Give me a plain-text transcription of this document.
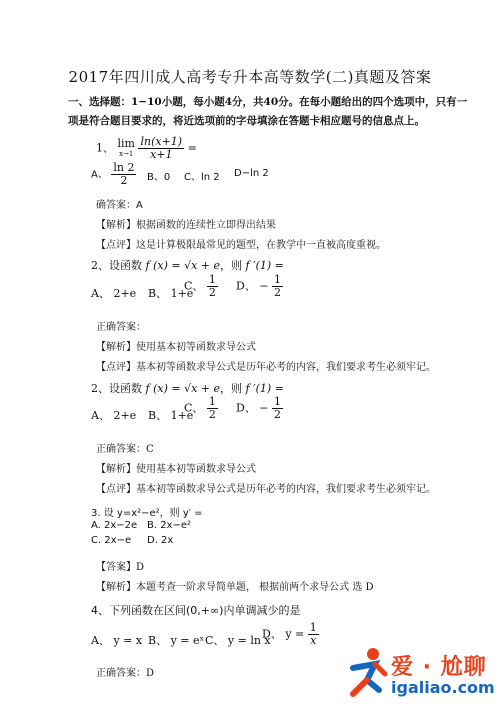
2017年四川成人高考专升本高等数学(二)真题及答案
一、选择题：1−10小题，每小题4分，共40分。在每小题给出的四个选项中，只有一项是符合题目要求的，将近选项前的字母填涂在答题卡相应题号的信息点上。
1、 lim
x→1
$\frac{\ln(x+1)}{x+1}$ =
A、 $\frac{\ln 2}{2}$ B、0 C、ln 2 D−ln 2
确答案：A
【解析】根据函数的连续性立即得出结果
【点评】这是计算极限最常见的题型，在教学中一直被高度重视。
2、设函数 f (x) = √x + e，则 f ′(1) =
A、 2+e B、 1+e
C、 $\frac{1}{2}$ D、 − $\frac{1}{2}$
正确答案：
【解析】使用基本初等函数求导公式
【点评】基本初等函数求导公式是历年必考的内容，我们要求考生必须牢记。
2、设函数 f (x) = √x + e，则 f ′(1) =
A、 2+e B、 1+e
C、 $\frac{1}{2}$ D、 − $\frac{1}{2}$
正确答案：C
【解析】使用基本初等函数求导公式
【点评】基本初等函数求导公式是历年必考的内容，我们要求考生必须牢记。
3. 设 y=x²−e²，则 y′ =
A. 2x−2e B. 2x−e²
C. 2x−e D. 2x
【答案】D
【解析】本题考查一阶求导简单题， 根据前两个求导公式 选 D
4、下列函数在区间(0,+∞)内单调减少的是
A、 y = x B、 y = eˣ C、 y = ln x
D、 $y = \frac{1}{x}$
正确答案：D	爱 · 尬聊
igaliao.com
